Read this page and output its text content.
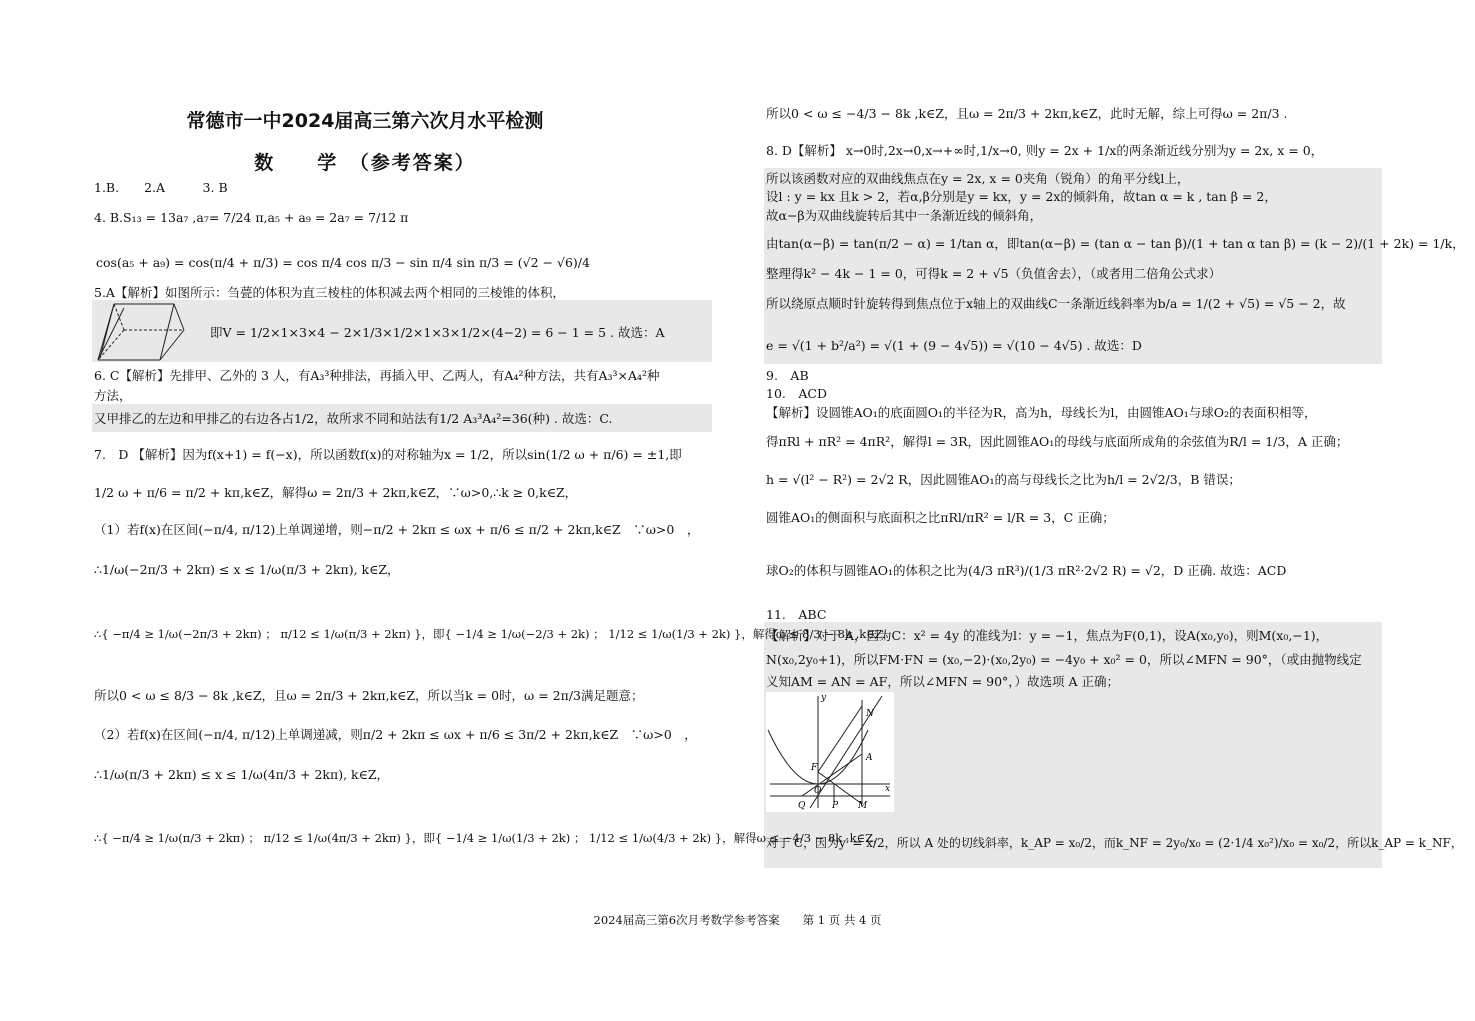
常德市一中2024届高三第六次月水平检测
数　　学　（参考答案）
1.B.　　2.A　　　3. B
4. B.S₁₃ = 13a₇ ,a₇= 7/24 π,a₅ + a₉ = 2a₇ = 7/12 π
cos(a₅ + a₉) = cos(π/4 + π/3) = cos π/4 cos π/3 − sin π/4 sin π/3 = (√2 − √6)/4
5.A【解析】如图所示：刍甍的体积为直三棱柱的体积减去两个相同的三棱锥的体积，
即V = 1/2×1×3×4 − 2×1/3×1/2×1×3×1/2×(4−2) = 6 − 1 = 5 . 故选：A
6. C【解析】先排甲、乙外的 3 人，有A₃³种排法，再插入甲、乙两人，有A₄²种方法，共有A₃³×A₄²种
方法，
又甲排乙的左边和甲排乙的右边各占1/2，故所求不同和站法有1/2 A₃³A₄²=36(种) . 故选：C.
7.　D 【解析】因为f(x+1) = f(−x)，所以函数f(x)的对称轴为x = 1/2，所以sin(1/2 ω + π/6) = ±1,即
1/2 ω + π/6 = π/2 + kπ,k∈Z，解得ω = 2π/3 + 2kπ,k∈Z，∵ω>0,∴k ≥ 0,k∈Z，
（1）若f(x)在区间(−π/4, π/12)上单调递增，则−π/2 + 2kπ ≤ ωx + π/6 ≤ π/2 + 2kπ,k∈Z　∵ω>0　，
∴1/ω(−2π/3 + 2kπ) ≤ x ≤ 1/ω(π/3 + 2kπ), k∈Z，
∴{ −π/4 ≥ 1/ω(−2π/3 + 2kπ) ； π/12 ≤ 1/ω(π/3 + 2kπ) }，即{ −1/4 ≥ 1/ω(−2/3 + 2k) ； 1/12 ≤ 1/ω(1/3 + 2k) }，解得ω ≤ 8/3 − 8k ,k∈Z，
所以0 < ω ≤ 8/3 − 8k ,k∈Z，且ω = 2π/3 + 2kπ,k∈Z，所以当k = 0时，ω = 2π/3满足题意；
（2）若f(x)在区间(−π/4, π/12)上单调递减，则π/2 + 2kπ ≤ ωx + π/6 ≤ 3π/2 + 2kπ,k∈Z　∵ω>0　，
∴1/ω(π/3 + 2kπ) ≤ x ≤ 1/ω(4π/3 + 2kπ), k∈Z，
∴{ −π/4 ≥ 1/ω(π/3 + 2kπ) ； π/12 ≤ 1/ω(4π/3 + 2kπ) }，即{ −1/4 ≥ 1/ω(1/3 + 2k) ； 1/12 ≤ 1/ω(4/3 + 2k) }，解得ω ≤ −4/3 − 8k ,k∈Z，
所以0 < ω ≤ −4/3 − 8k ,k∈Z，且ω = 2π/3 + 2kπ,k∈Z，此时无解，综上可得ω = 2π/3 .
8. D【解析】 x→0时,2x→0,x→+∞时,1/x→0, 则y = 2x + 1/x的两条渐近线分别为y = 2x, x = 0，
所以该函数对应的双曲线焦点在y = 2x, x = 0夹角（锐角）的角平分线l上，
设l : y = kx 且k > 2，若α,β分别是y = kx，y = 2x的倾斜角，故tan α = k , tan β = 2，
故α−β为双曲线旋转后其中一条渐近线的倾斜角，
由tan(α−β) = tan(π/2 − α) = 1/tan α，即tan(α−β) = (tan α − tan β)/(1 + tan α tan β) = (k − 2)/(1 + 2k) = 1/k，
整理得k² − 4k − 1 = 0，可得k = 2 + √5（负值舍去），（或者用二倍角公式求）
所以绕原点顺时针旋转得到焦点位于x轴上的双曲线C一条渐近线斜率为b/a = 1/(2 + √5) = √5 − 2，故
e = √(1 + b²/a²) = √(1 + (9 − 4√5)) = √(10 − 4√5) . 故选：D
9.　AB
10.　ACD
【解析】设圆锥AO₁的底面圆O₁的半径为R，高为h，母线长为l，由圆锥AO₁与球O₂的表面积相等，
得πRl + πR² = 4πR²，解得l = 3R，因此圆锥AO₁的母线与底面所成角的余弦值为R/l = 1/3，A 正确；
h = √(l² − R²) = 2√2 R，因此圆锥AO₁的高与母线长之比为h/l = 2√2/3，B 错误；
圆锥AO₁的侧面积与底面积之比πRl/πR² = l/R = 3，C 正确；
球O₂的体积与圆锥AO₁的体积之比为(4/3 πR³)/(1/3 πR²·2√2 R) = √2，D 正确. 故选：ACD
11.　ABC
【解析】对于 A，因为C：x² = 4y 的准线为l：y = −1，焦点为F(0,1)，设A(x₀,y₀)，则M(x₀,−1)，
N(x₀,2y₀+1)，所以FM·FN = (x₀,−2)·(x₀,2y₀) = −4y₀ + x₀² = 0，所以∠MFN = 90°，（或由抛物线定
义知AM = AN = AF，所以∠MFN = 90°，）故选项 A 正确；
y
x
O
F
N
A
Q	P M
对于 C，因为y′ = x/2，所以 A 处的切线斜率，k_AP = x₀/2，而k_NF = 2y₀/x₀ = (2·1/4 x₀²)/x₀ = x₀/2，所以k_AP = k_NF，
2024届高三第6次月考数学参考答案　　第 1 页 共 4 页
